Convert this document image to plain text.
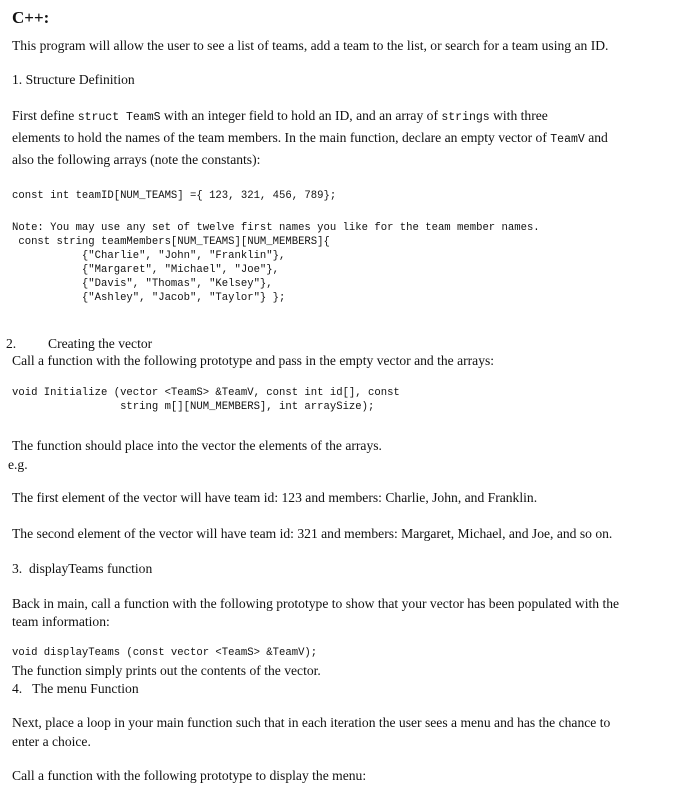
C++:
This program will allow the user to see a list of teams, add a team to the list, or search for a team using an ID.
1. Structure Definition
First define struct TeamS with an integer field to hold an ID, and an array of strings with three
elements to hold the names of the team members. In the main function, declare an empty vector of TeamV and
also the following arrays (note the constants):
const int teamID[NUM_TEAMS] ={ 123, 321, 456, 789};
Note: You may use any set of twelve first names you like for the team member names.
const string teamMembers[NUM_TEAMS][NUM_MEMBERS]{
{"Charlie", "John", "Franklin"},
{"Margaret", "Michael", "Joe"},
{"Davis", "Thomas", "Kelsey"},
{"Ashley", "Jacob", "Taylor"} };
2. Creating the vector
Call a function with the following prototype and pass in the empty vector and the arrays:
void Initialize (vector <TeamS> &TeamV, const int id[], const
string m[][NUM_MEMBERS], int arraySize);
The function should place into the vector the elements of the arrays.
e.g.
The first element of the vector will have team id: 123 and members: Charlie, John, and Franklin.
The second element of the vector will have team id: 321 and members: Margaret, Michael, and Joe, and so on.
3.  displayTeams function
Back in main, call a function with the following prototype to show that your vector has been populated with the
team information:
void displayTeams (const vector <TeamS> &TeamV);
The function simply prints out the contents of the vector.
4.   The menu Function
Next, place a loop in your main function such that in each iteration the user sees a menu and has the chance to
enter a choice.
Call a function with the following prototype to display the menu:
